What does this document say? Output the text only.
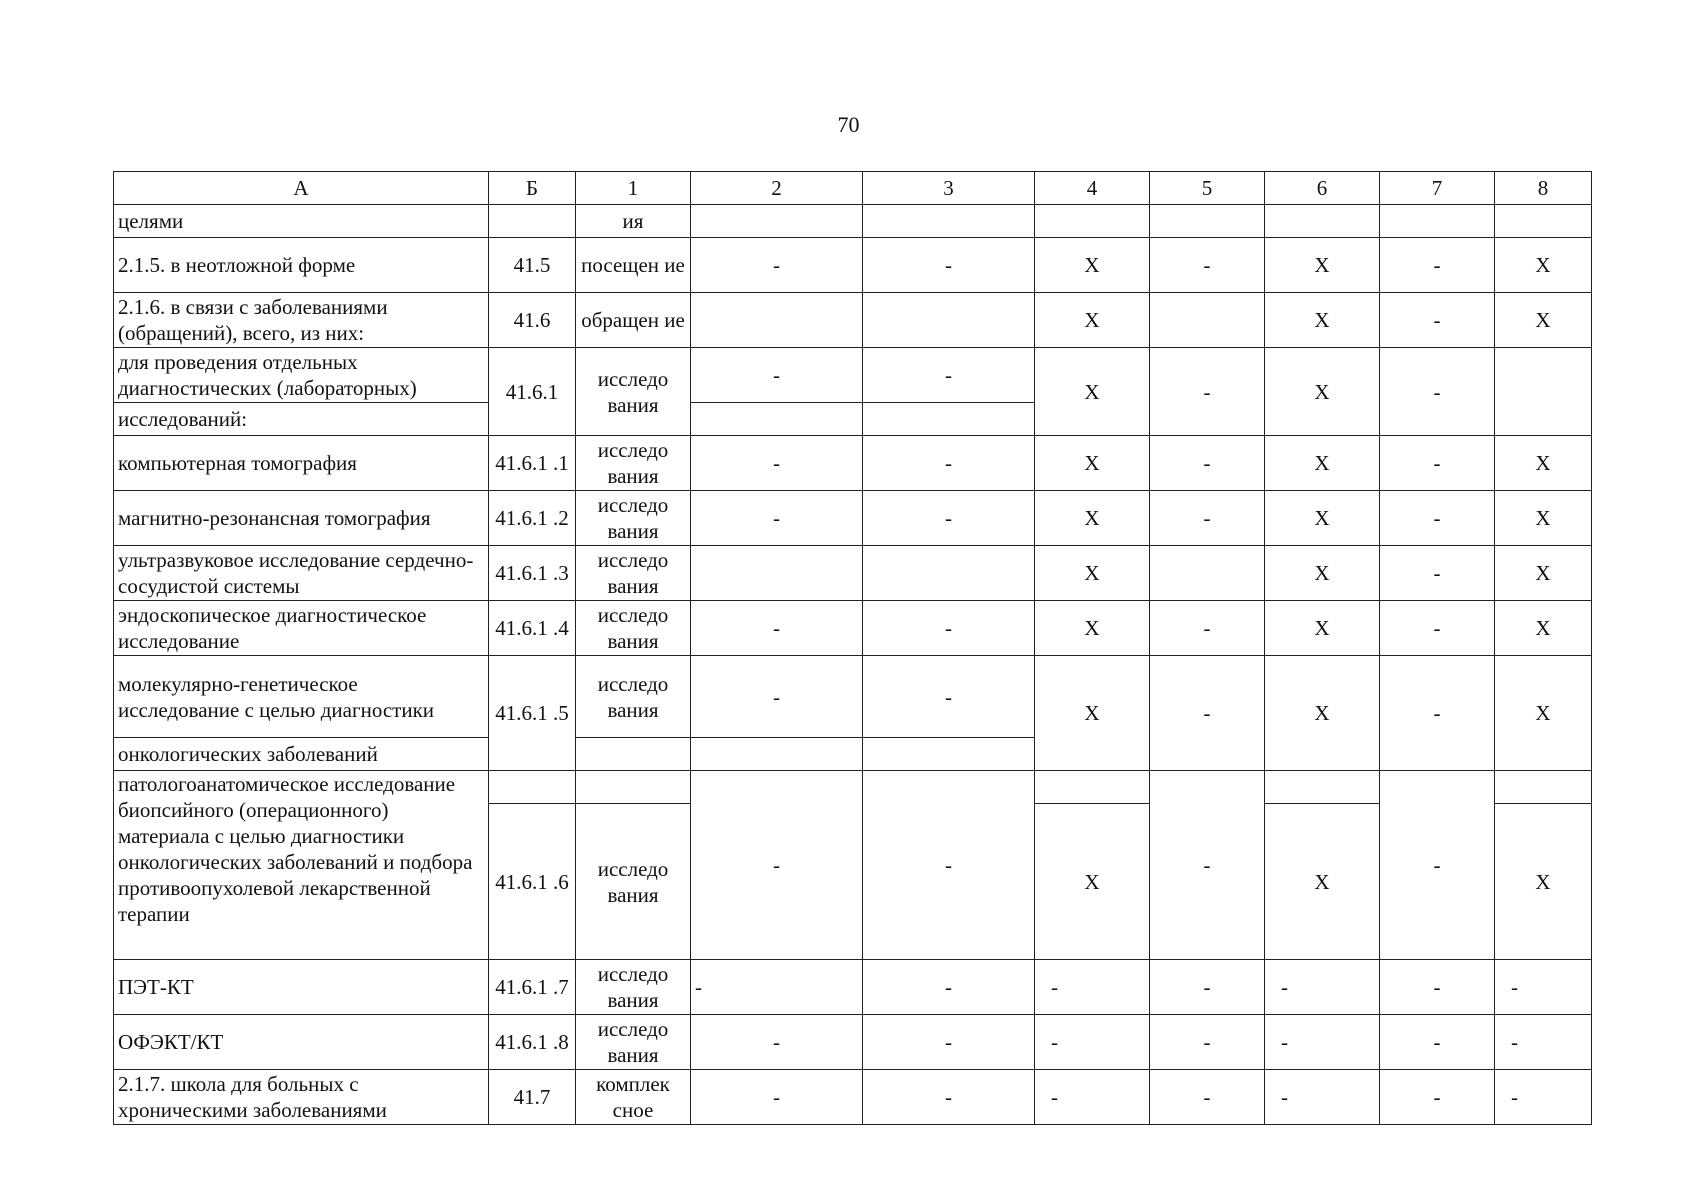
70
А	Б	1	2	3	4	5	6	7	8
целями		ия							
2.1.5. в неотложной форме	41.5	посещен ие	-	-	X	-	X	-	X
2.1.6. в связи с заболеваниями (обращений), всего, из них:	41.6	обращен ие			X		X	-	X
для проведения отдельных диагностических (лабораторных)	41.6.1	исследо вания	-	-	X	-	X	-	
исследований:									
компьютерная томография	41.6.1 .1	исследо вания	-	-	X	-	X	-	X
магнитно-резонансная томография	41.6.1 .2	исследо вания	-	-	X	-	X	-	X
ультразвуковое исследование сердечно-сосудистой системы	41.6.1 .3	исследо вания			X		X	-	X
эндоскопическое диагностическое исследование	41.6.1 .4	исследо вания	-	-	X	-	X	-	X
молекулярно-генетическое исследование с целью диагностики	41.6.1 .5	исследо вания	-	-	X	-	X	-	X
онкологических заболеваний									
патологоанатомическое исследование биопсийного (операционного) материала с целью диагностики онкологических заболеваний и подбора противоопухолевой лекарственной терапии			-	-		-		-	
	41.6.1 .6	исследо вания			X		X		X
ПЭТ-КТ	41.6.1 .7	исследо вания	-	-	-	-	-	-	-
ОФЭКТ/КТ	41.6.1 .8	исследо вания	-	-	-	-	-	-	-
2.1.7. школа для больных с хроническими заболеваниями	41.7	комплек сное	-	-	-	-	-	-	-
